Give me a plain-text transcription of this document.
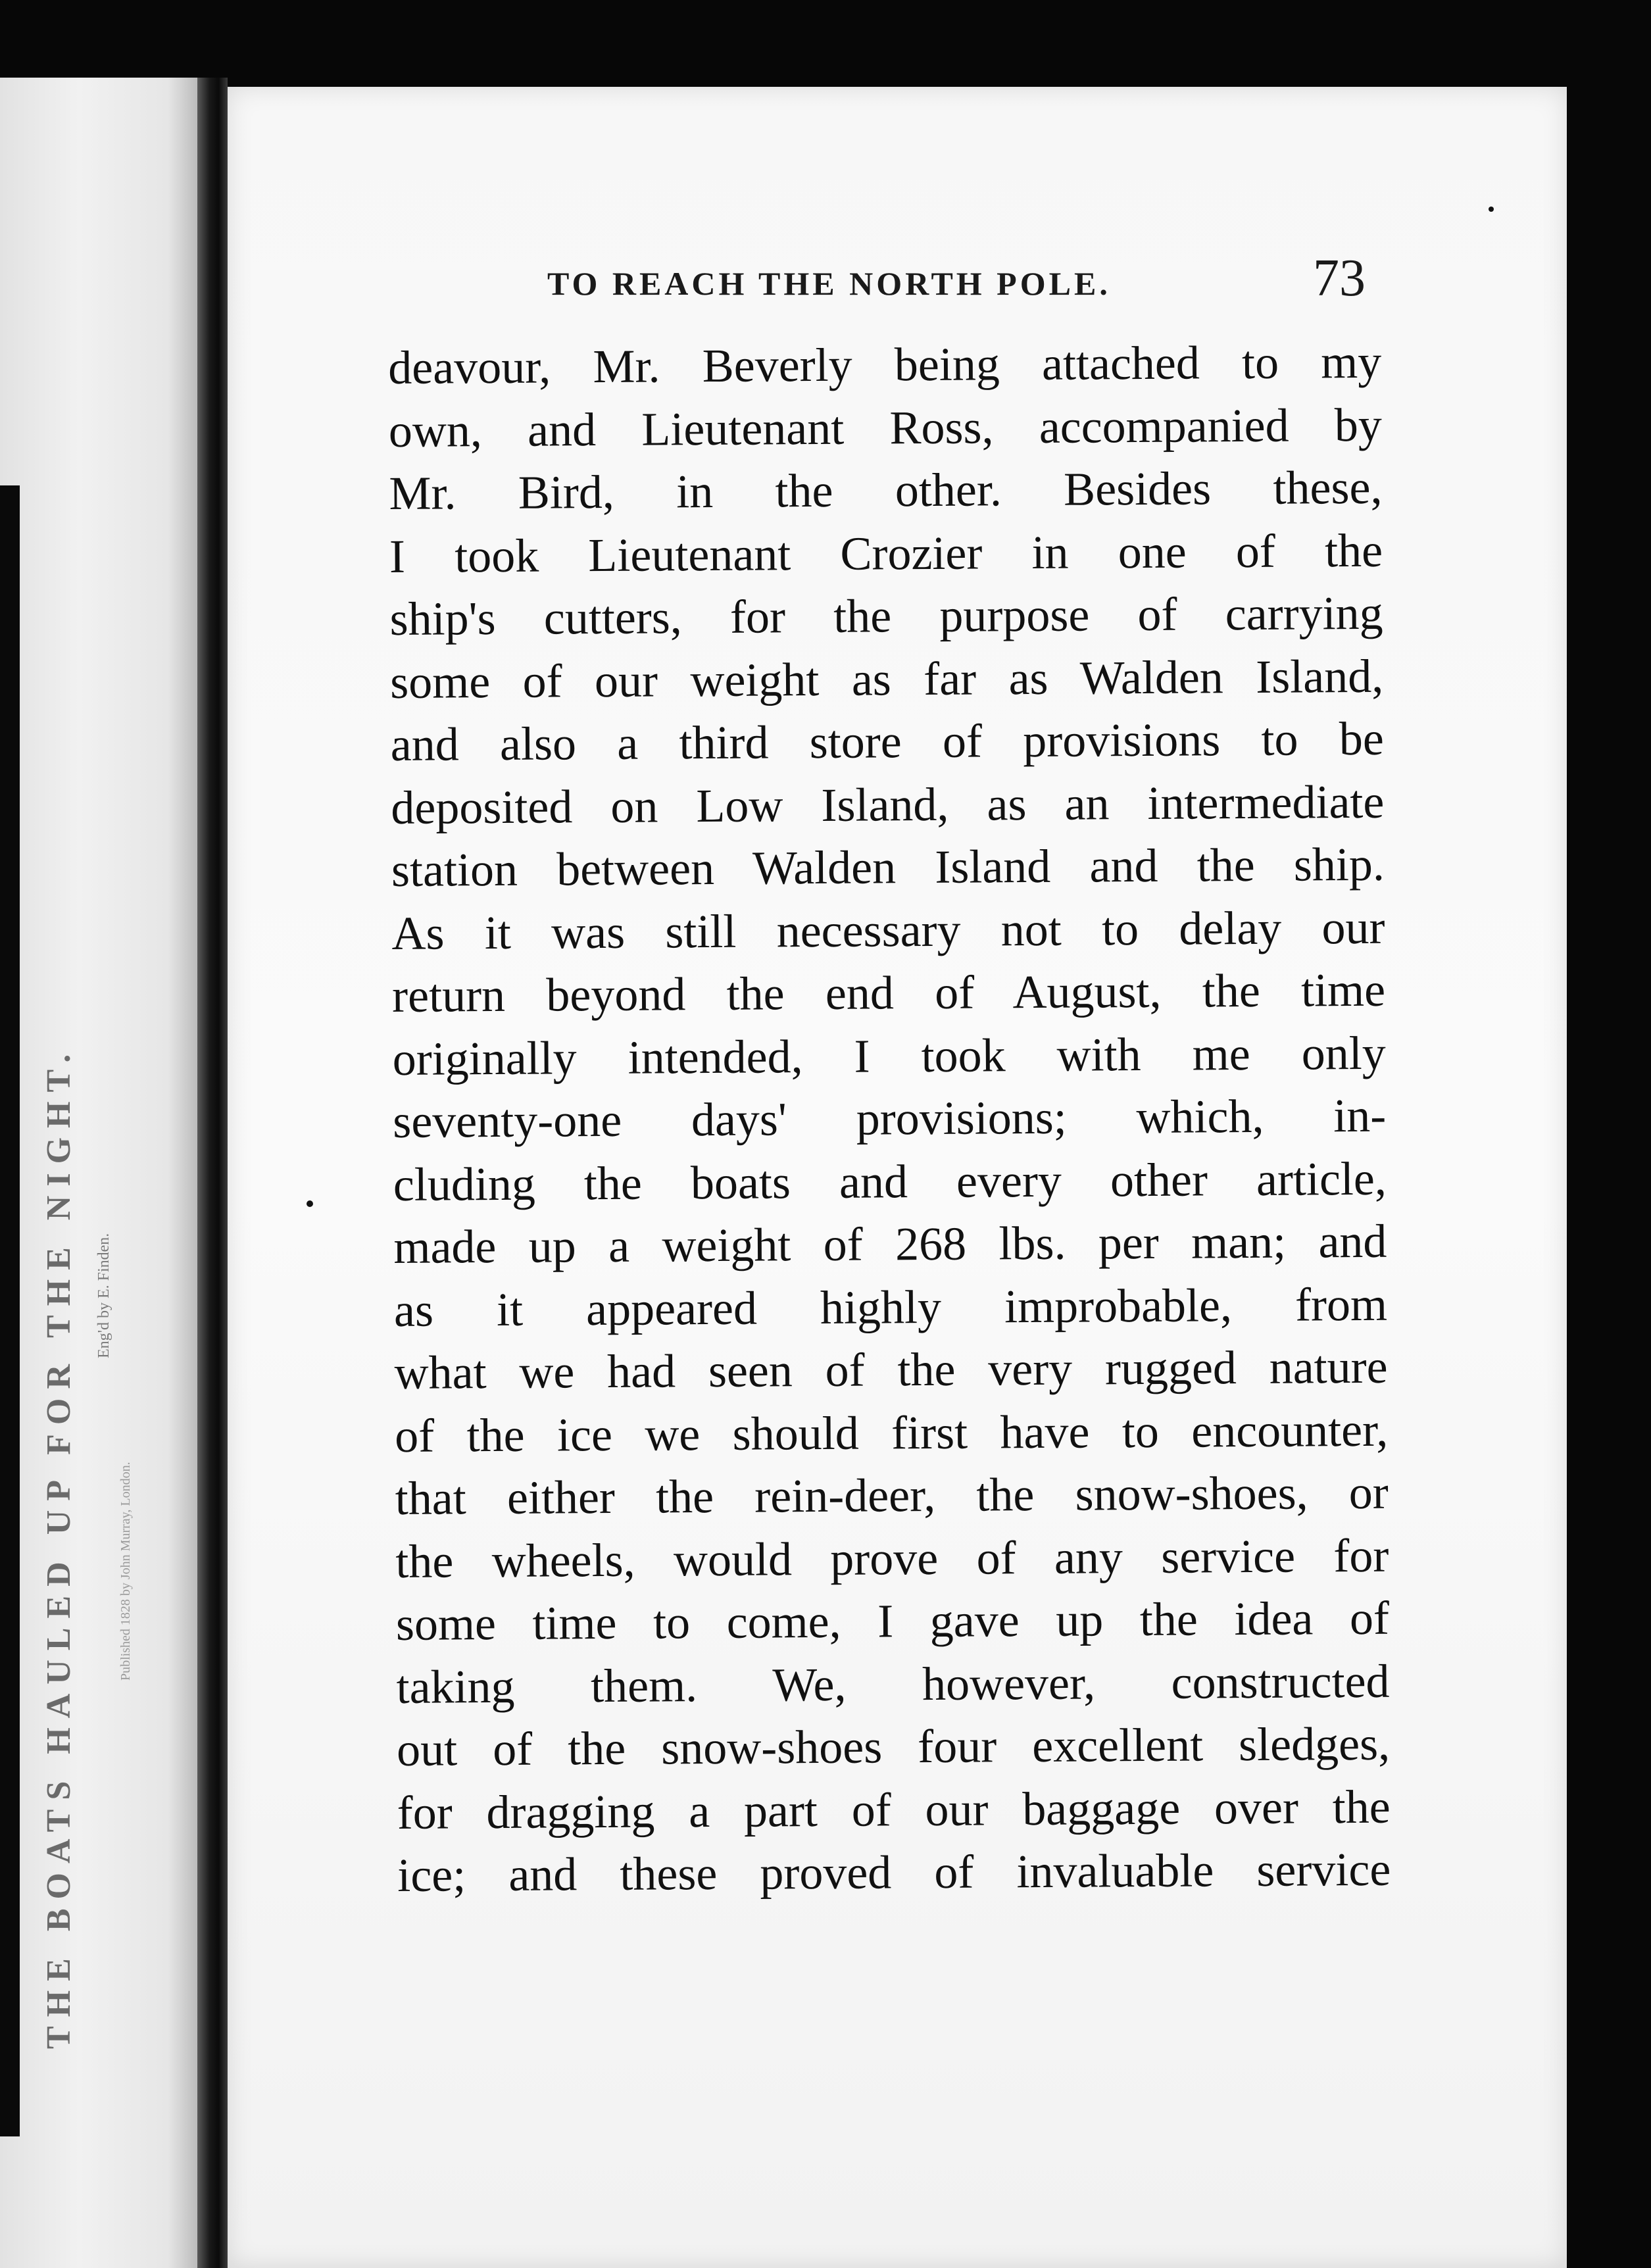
THE BOATS HAULED UP FOR THE NIGHT. Eng'd by E. Finden.
Published 1828 by John Murray, London.
TO REACH THE NORTH POLE.	73
deavour, Mr. Beverly being attached to my
own, and Lieutenant Ross, accompanied by
Mr. Bird, in the other. Besides these,
I took Lieutenant Crozier in one of the
ship's cutters, for the purpose of carrying
some of our weight as far as Walden Island,
and also a third store of provisions to be
deposited on Low Island, as an intermediate
station between Walden Island and the ship.
As it was still necessary not to delay our
return beyond the end of August, the time
originally intended, I took with me only
seventy-one days' provisions; which, in-
cluding the boats and every other article,
made up a weight of 268 lbs. per man; and
as it appeared highly improbable, from
what we had seen of the very rugged nature
of the ice we should first have to encounter,
that either the rein-deer, the snow-shoes, or
the wheels, would prove of any service for
some time to come, I gave up the idea of
taking them. We, however, constructed
out of the snow-shoes four excellent sledges,
for dragging a part of our baggage over the
ice; and these proved of invaluable service
